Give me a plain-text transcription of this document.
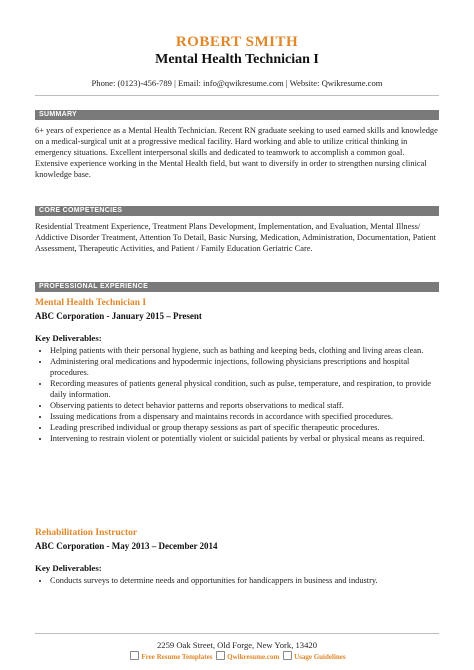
ROBERT SMITH
Mental Health Technician I
Phone: (0123)-456-789 | Email: info@qwikresume.com | Website: Qwikresume.com
SUMMARY
6+ years of experience as a Mental Health Technician. Recent RN graduate seeking to used earned skills and knowledge on a medical-surgical unit at a progressive medical facility. Hard working and able to utilize critical thinking in emergency situations. Excellent interpersonal skills and dedicated to teamwork to accomplish a common goal. Extensive experience working in the Mental Health field, but want to diversify in order to strengthen nursing clinical knowledge base.
CORE COMPETENCIES
Residential Treatment Experience, Treatment Plans Development, Implementation, and Evaluation, Mental Illness/ Addictive Disorder Treatment, Attention To Detail, Basic Nursing, Medication, Administration, Documentation, Patient Assessment, Therapeutic Activities, and Patient / Family Education Geriatric Care.
PROFESSIONAL EXPERIENCE
Mental Health Technician I
ABC Corporation - January 2015 – Present
Key Deliverables:
• Helping patients with their personal hygiene, such as bathing and keeping beds, clothing and living areas clean.
• Administering oral medications and hypodermic injections, following physicians prescriptions and hospital procedures.
• Recording measures of patients general physical condition, such as pulse, temperature, and respiration, to provide daily information.
• Observing patients to detect behavior patterns and reports observations to medical staff.
• Issuing medications from a dispensary and maintains records in accordance with specified procedures.
• Leading prescribed individual or group therapy sessions as part of specific therapeutic procedures.
• Intervening to restrain violent or potentially violent or suicidal patients by verbal or physical means as required.
Rehabilitation Instructor
ABC Corporation - May 2013 – December 2014
Key Deliverables:
• Conducts surveys to determine needs and opportunities for handicappers in business and industry.
2259 Oak Street, Old Forge, New York, 13420
Free Resume Templates Qwikresume.com Usage Guidelines
